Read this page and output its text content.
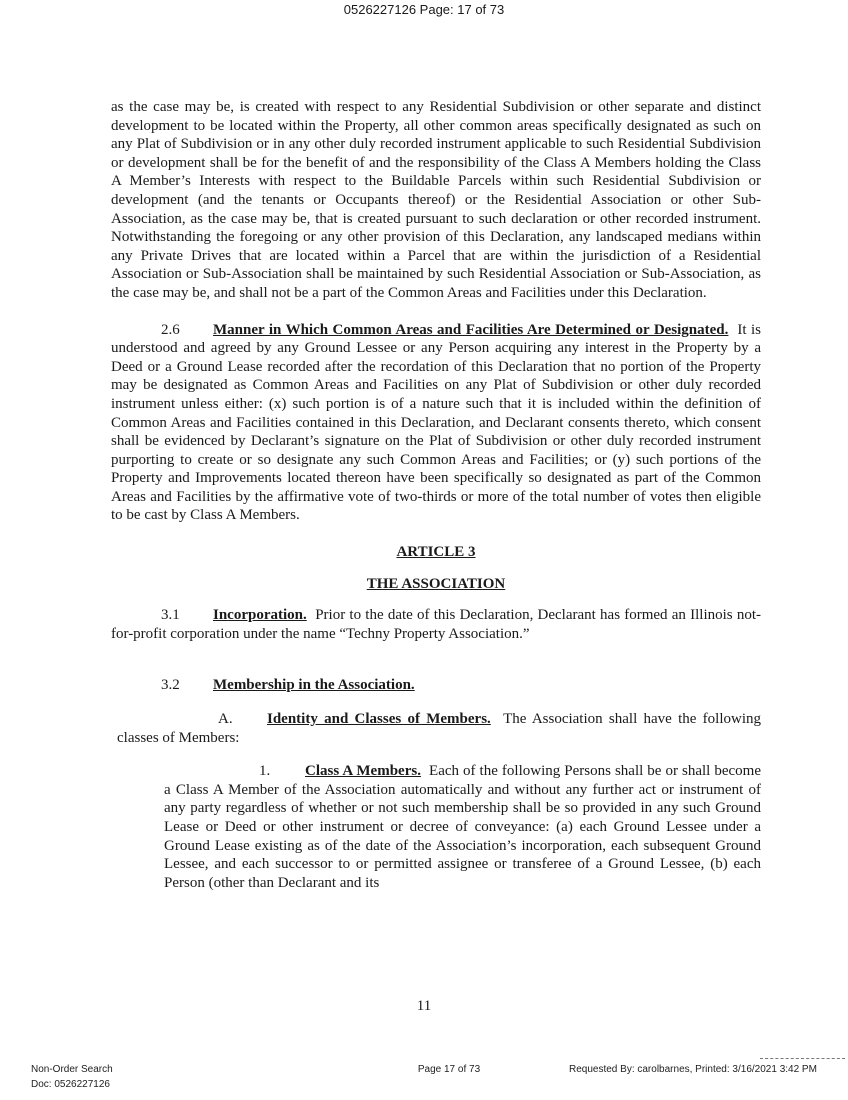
0526227126 Page: 17 of 73

as the case may be, is created with respect to any Residential Subdivision or other separate and distinct development to be located within the Property, all other common areas specifically designated as such on any Plat of Subdivision or in any other duly recorded instrument applicable to such Residential Subdivision or development shall be for the benefit of and the responsibility of the Class A Members holding the Class A Member’s Interests with respect to the Buildable Parcels within such Residential Subdivision or development (and the tenants or Occupants thereof) or the Residential Association or other Sub-Association, as the case may be, that is created pursuant to such declaration or other recorded instrument. Notwithstanding the foregoing or any other provision of this Declaration, any landscaped medians within any Private Drives that are located within a Parcel that are within the jurisdiction of a Residential Association or Sub-Association shall be maintained by such Residential Association or Sub-Association, as the case may be, and shall not be a part of the Common Areas and Facilities under this Declaration.

2.6 Manner in Which Common Areas and Facilities Are Determined or Designated. It is understood and agreed by any Ground Lessee or any Person acquiring any interest in the Property by a Deed or a Ground Lease recorded after the recordation of this Declaration that no portion of the Property may be designated as Common Areas and Facilities on any Plat of Subdivision or other duly recorded instrument unless either: (x) such portion is of a nature such that it is included within the definition of Common Areas and Facilities contained in this Declaration, and Declarant consents thereto, which consent shall be evidenced by Declarant’s signature on the Plat of Subdivision or other duly recorded instrument purporting to create or so designate any such Common Areas and Facilities; or (y) such portions of the Property and Improvements located thereon have been specifically so designated as part of the Common Areas and Facilities by the affirmative vote of two-thirds or more of the total number of votes then eligible to be cast by Class A Members.

ARTICLE 3

THE ASSOCIATION

3.1 Incorporation. Prior to the date of this Declaration, Declarant has formed an Illinois not-for-profit corporation under the name “Techny Property Association.”

3.2 Membership in the Association.

A. Identity and Classes of Members. The Association shall have the following classes of Members:

1. Class A Members. Each of the following Persons shall be or shall become a Class A Member of the Association automatically and without any further act or instrument of any party regardless of whether or not such membership shall be so provided in any such Ground Lease or Deed or other instrument or decree of conveyance: (a) each Ground Lessee under a Ground Lease existing as of the date of the Association’s incorporation, each subsequent Ground Lessee, and each successor to or permitted assignee or transferee of a Ground Lessee, (b) each Person (other than Declarant and its

11
Non-Order Search
Doc: 0526227126
Page 17 of 73	Requested By: carolbarnes, Printed: 3/16/2021 3:42 PM
